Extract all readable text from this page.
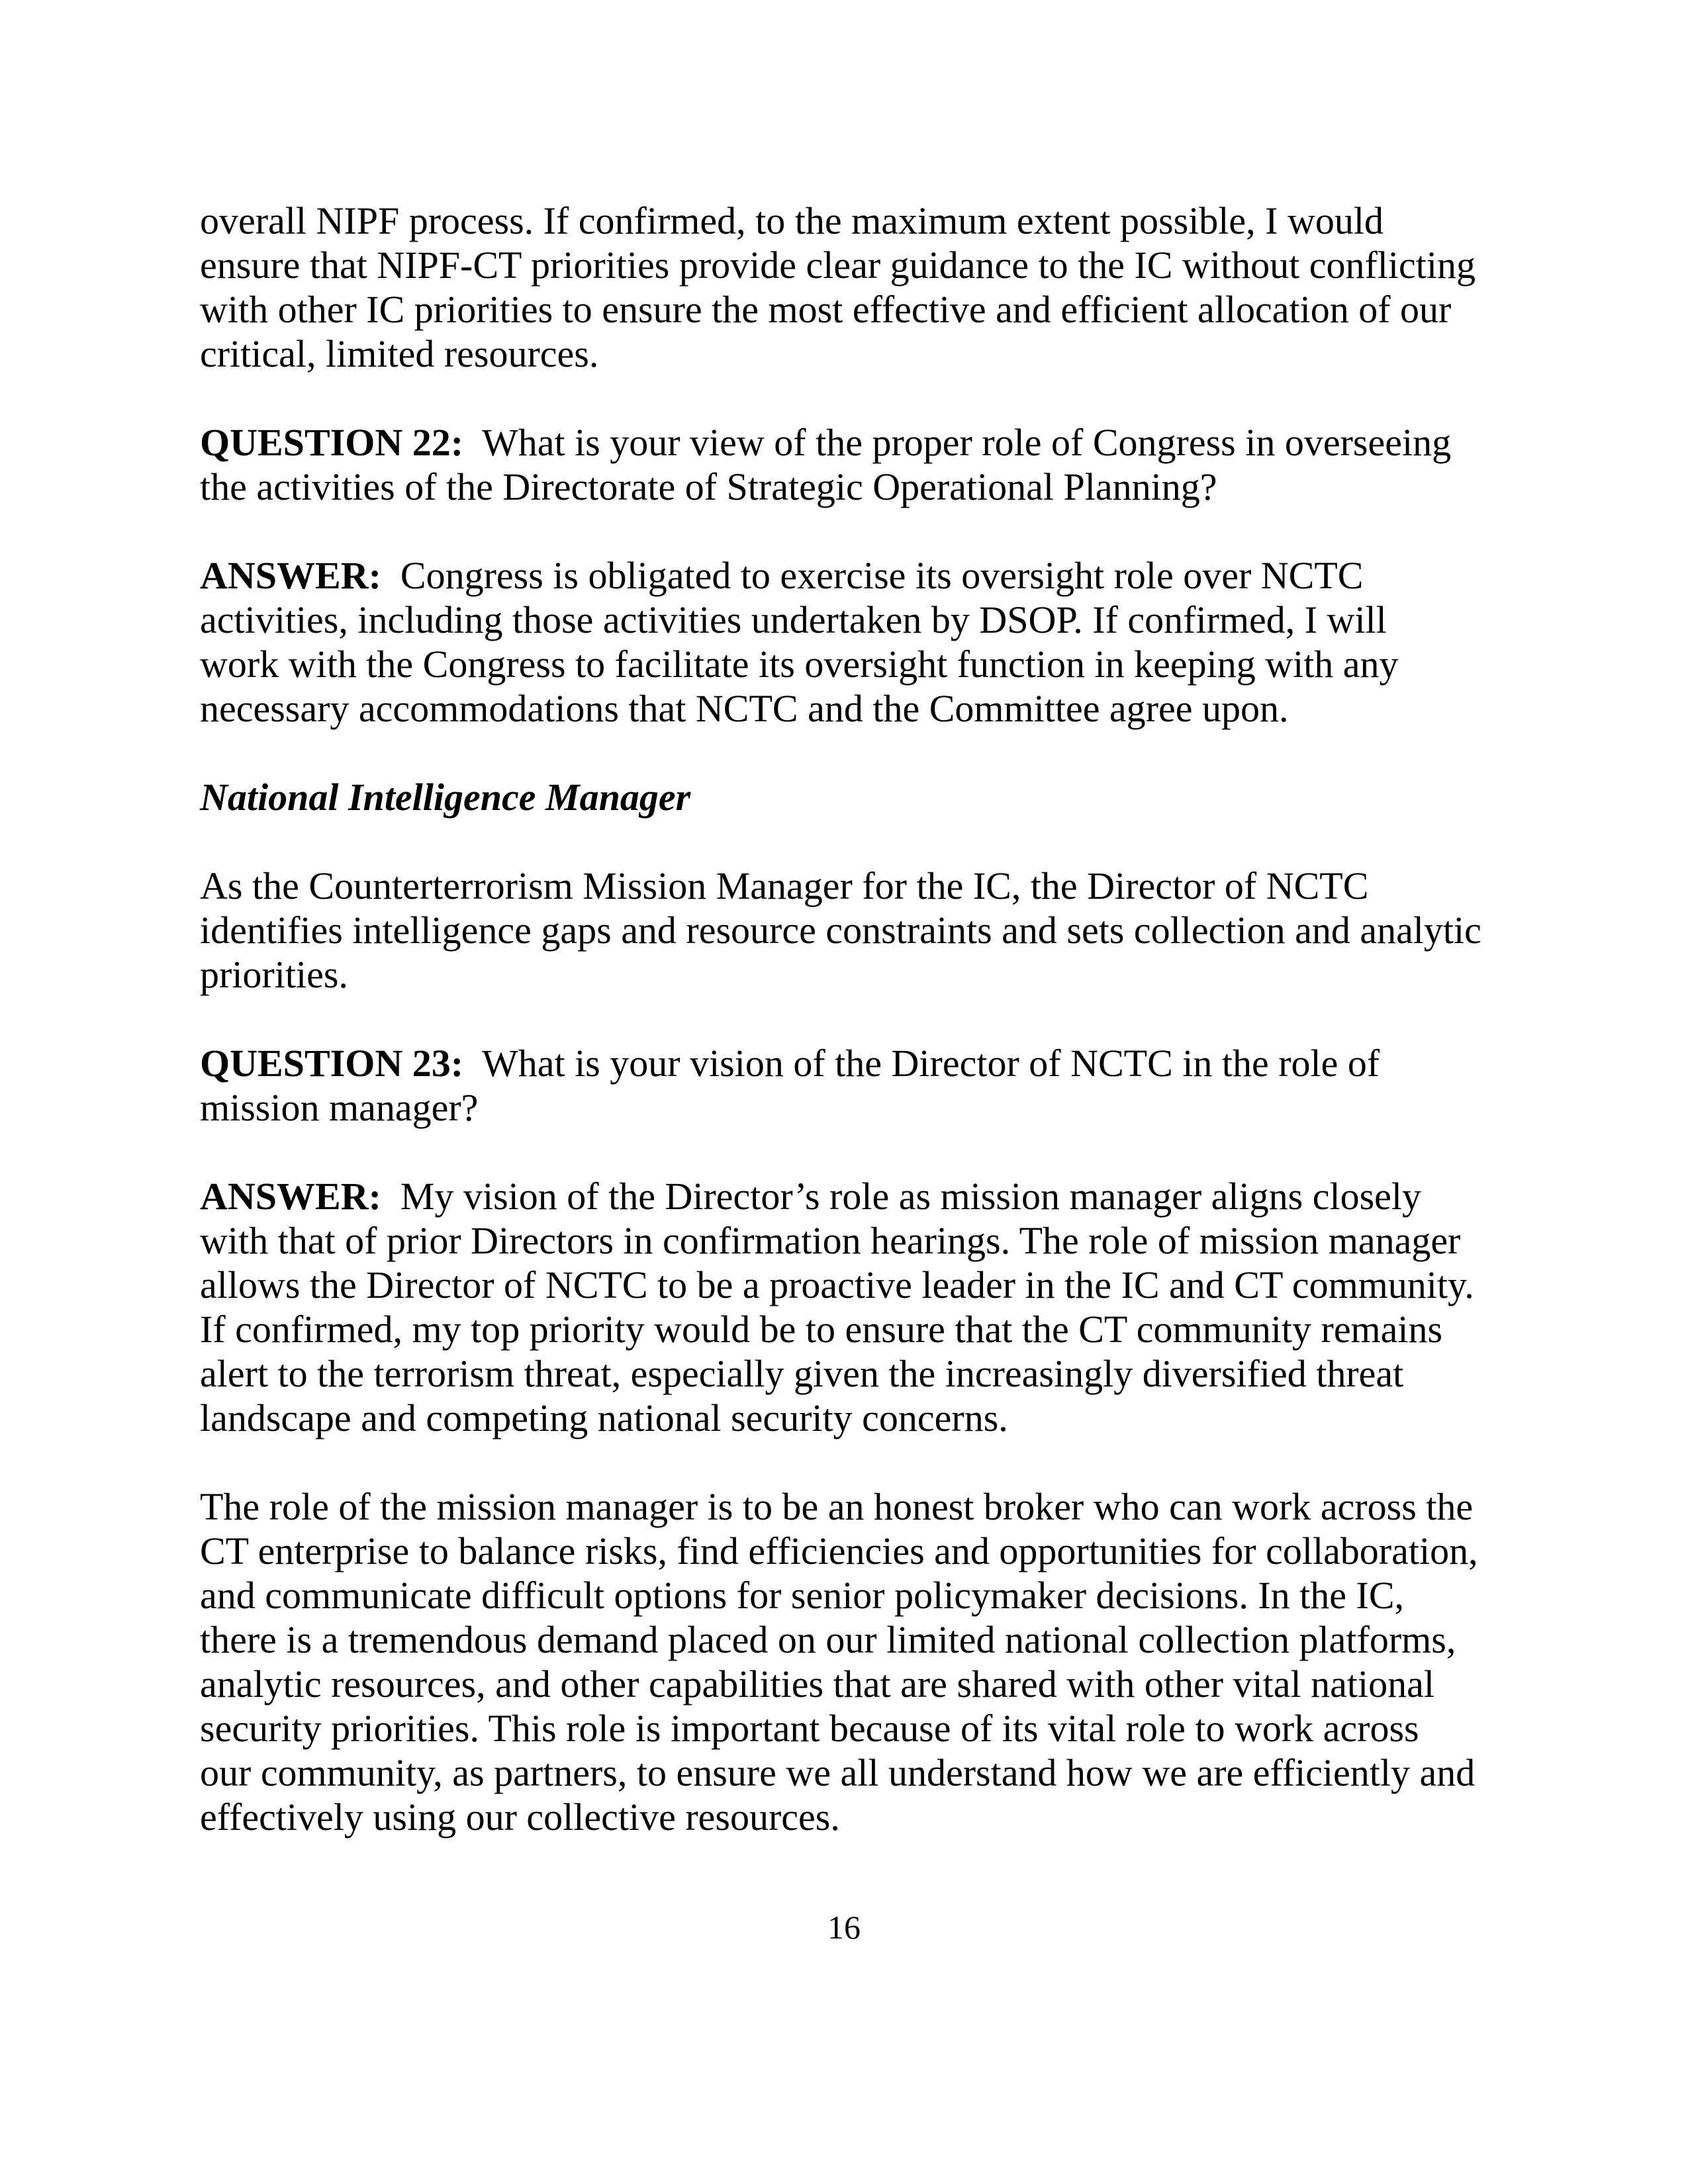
overall NIPF process. If confirmed, to the maximum extent possible, I would
ensure that NIPF-CT priorities provide clear guidance to the IC without conflicting
with other IC priorities to ensure the most effective and efficient allocation of our
critical, limited resources.

QUESTION 22:  What is your view of the proper role of Congress in overseeing
the activities of the Directorate of Strategic Operational Planning?

ANSWER:  Congress is obligated to exercise its oversight role over NCTC
activities, including those activities undertaken by DSOP. If confirmed, I will
work with the Congress to facilitate its oversight function in keeping with any
necessary accommodations that NCTC and the Committee agree upon.

National Intelligence Manager

As the Counterterrorism Mission Manager for the IC, the Director of NCTC
identifies intelligence gaps and resource constraints and sets collection and analytic
priorities.

QUESTION 23:  What is your vision of the Director of NCTC in the role of
mission manager?

ANSWER:  My vision of the Director’s role as mission manager aligns closely
with that of prior Directors in confirmation hearings. The role of mission manager
allows the Director of NCTC to be a proactive leader in the IC and CT community.
If confirmed, my top priority would be to ensure that the CT community remains
alert to the terrorism threat, especially given the increasingly diversified threat
landscape and competing national security concerns.

The role of the mission manager is to be an honest broker who can work across the
CT enterprise to balance risks, find efficiencies and opportunities for collaboration,
and communicate difficult options for senior policymaker decisions. In the IC,
there is a tremendous demand placed on our limited national collection platforms,
analytic resources, and other capabilities that are shared with other vital national
security priorities. This role is important because of its vital role to work across
our community, as partners, to ensure we all understand how we are efficiently and
effectively using our collective resources.

16
